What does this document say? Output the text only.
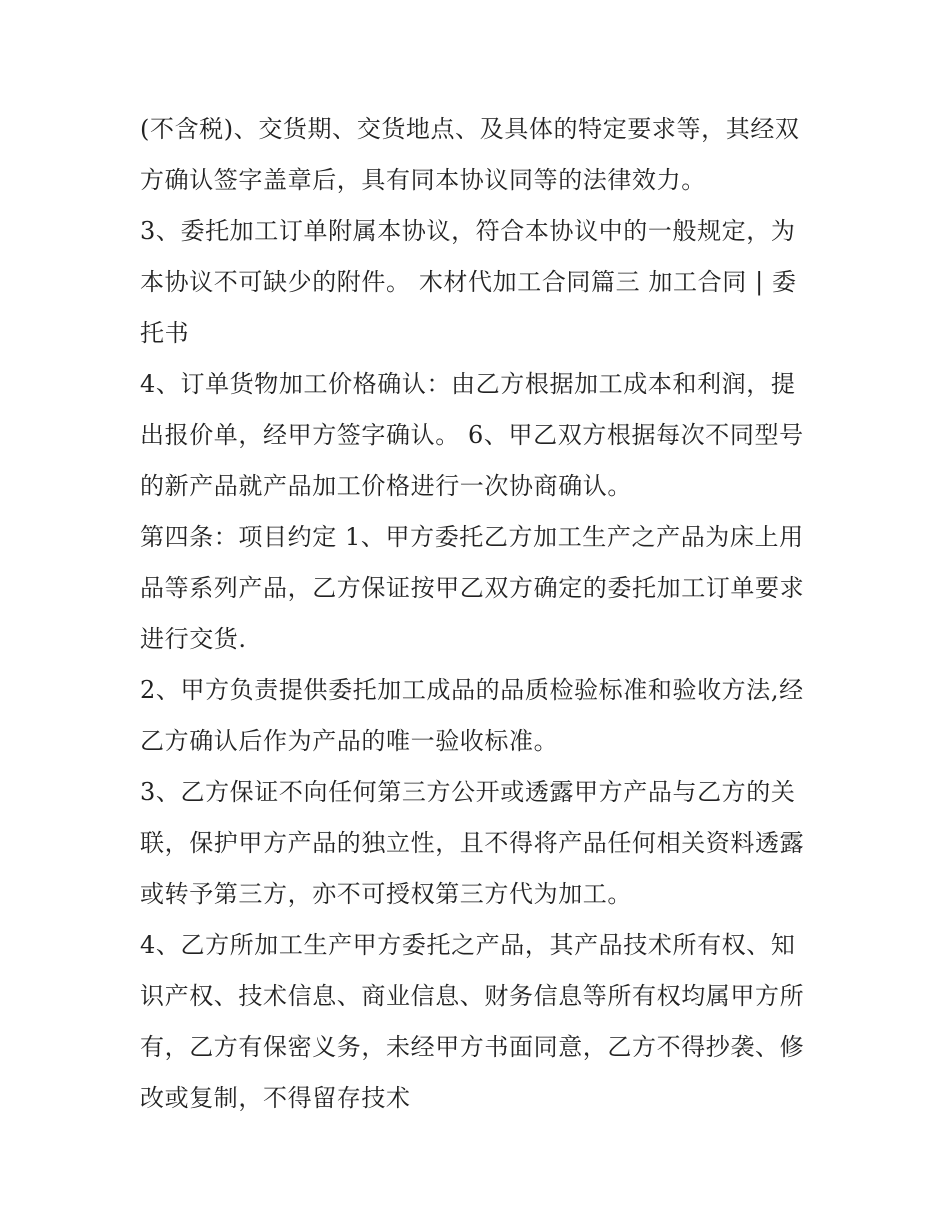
(不含税)、交货期、交货地点、及具体的特定要求等，其经双
方确认签字盖章后，具有同本协议同等的法律效力。

3、委托加工订单附属本协议，符合本协议中的一般规定，为
本协议不可缺少的附件。 木材代加工合同篇三 加工合同 | 委
托书

4、订单货物加工价格确认：由乙方根据加工成本和利润，提
出报价单，经甲方签字确认。 6、甲乙双方根据每次不同型号
的新产品就产品加工价格进行一次协商确认。

第四条：项目约定 1、甲方委托乙方加工生产之产品为床上用
品等系列产品，乙方保证按甲乙双方确定的委托加工订单要求
进行交货.

2、甲方负责提供委托加工成品的品质检验标准和验收方法,经
乙方确认后作为产品的唯一验收标准。

3、乙方保证不向任何第三方公开或透露甲方产品与乙方的关
联，保护甲方产品的独立性，且不得将产品任何相关资料透露
或转予第三方，亦不可授权第三方代为加工。

4、乙方所加工生产甲方委托之产品，其产品技术所有权、知
识产权、技术信息、商业信息、财务信息等所有权均属甲方所
有，乙方有保密义务，未经甲方书面同意，乙方不得抄袭、修
改或复制，不得留存技术
